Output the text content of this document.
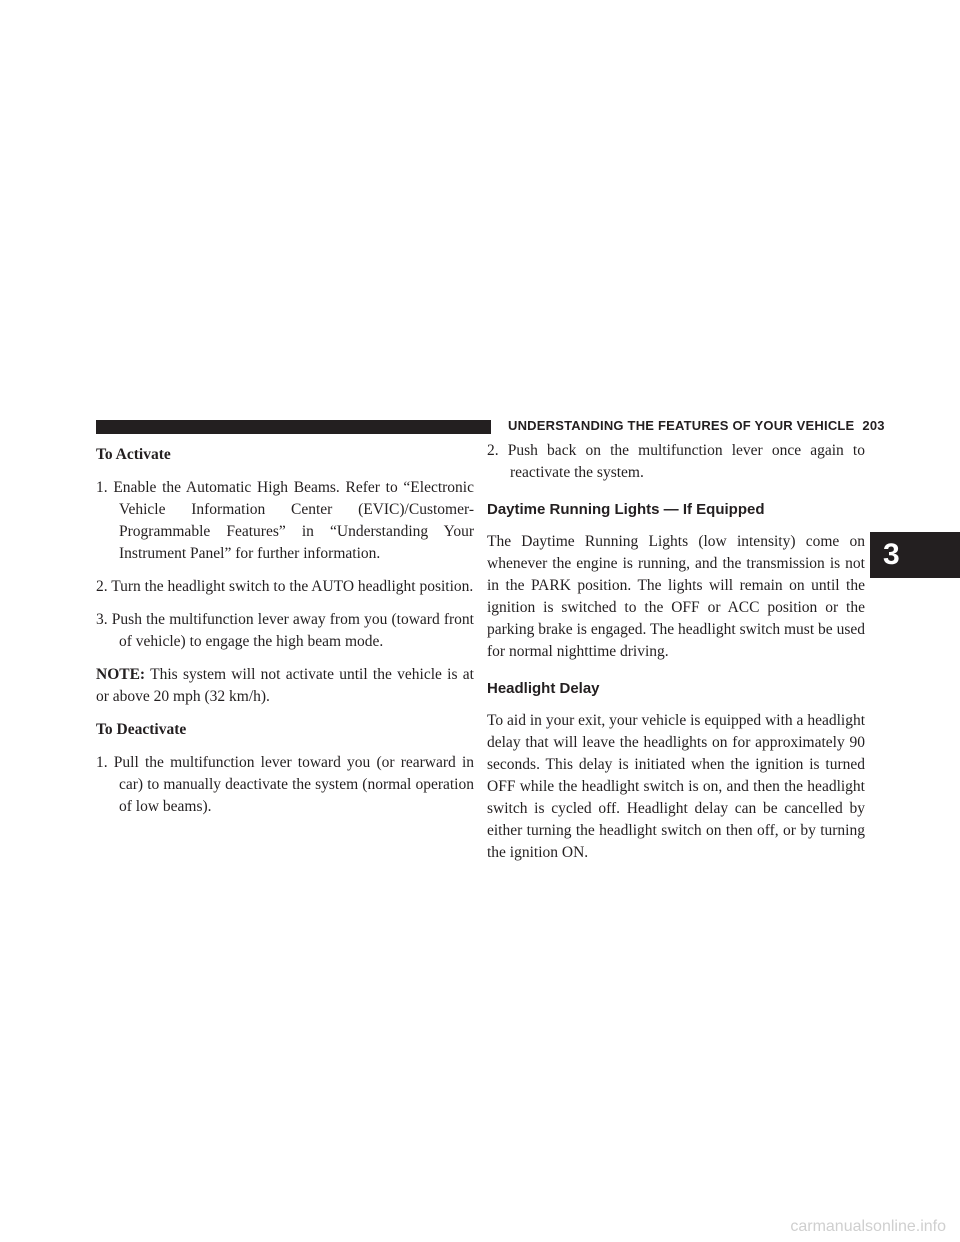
UNDERSTANDING THE FEATURES OF YOUR VEHICLE 203
To Activate
1. Enable the Automatic High Beams. Refer to “Electronic Vehicle Information Center (EVIC)/Customer-Programmable Features” in “Understanding Your Instrument Panel” for further information.
2. Turn the headlight switch to the AUTO headlight position.
3. Push the multifunction lever away from you (toward front of vehicle) to engage the high beam mode.

NOTE: This system will not activate until the vehicle is at or above 20 mph (32 km/h).

To Deactivate
1. Pull the multifunction lever toward you (or rearward in car) to manually deactivate the system (normal operation of low beams).
2. Push back on the multifunction lever once again to reactivate the system.
Daytime Running Lights — If Equipped

The Daytime Running Lights (low intensity) come on whenever the engine is running, and the transmission is not in the PARK position. The lights will remain on until the ignition is switched to the OFF or ACC position or the parking brake is engaged. The headlight switch must be used for normal nighttime driving.

Headlight Delay

To aid in your exit, your vehicle is equipped with a headlight delay that will leave the headlights on for approximately 90 seconds. This delay is initiated when the ignition is turned OFF while the headlight switch is on, and then the headlight switch is cycled off. Headlight delay can be cancelled by either turning the headlight switch on then off, or by turning the ignition ON.

3
carmanualsonline.info
